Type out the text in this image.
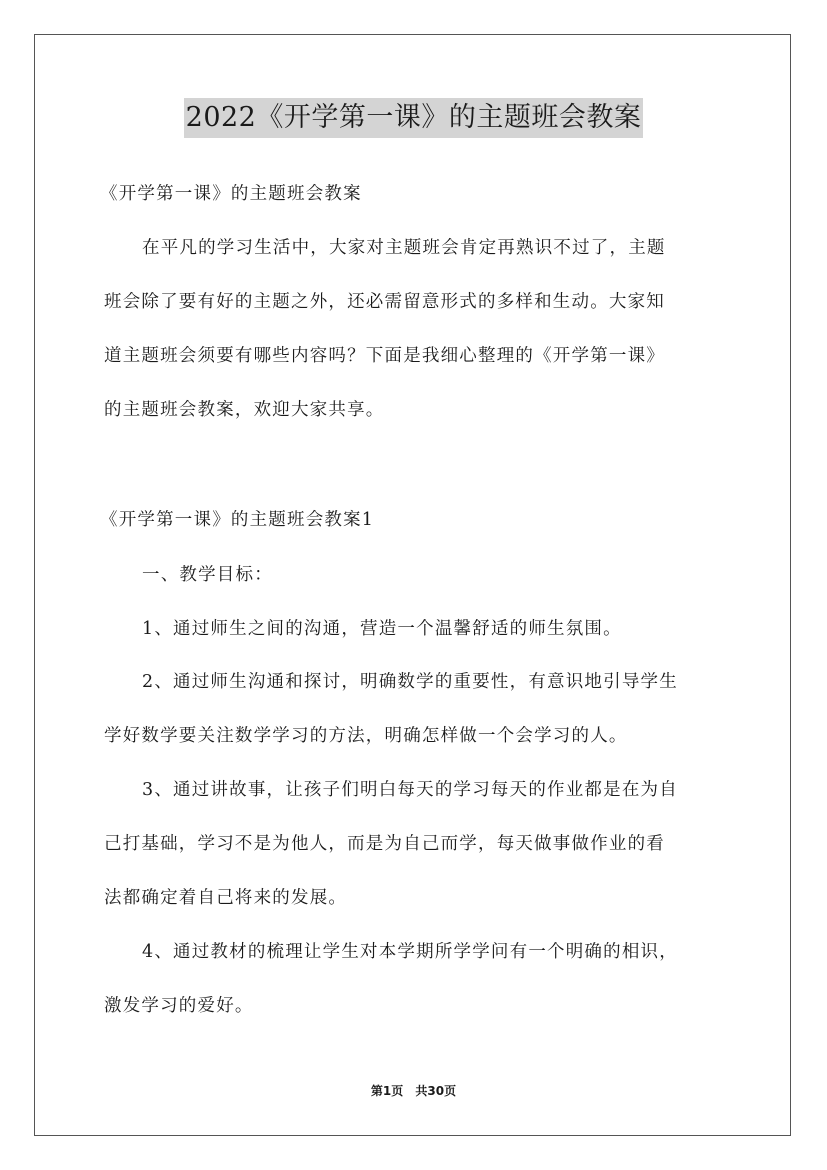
2022《开学第一课》的主题班会教案
《开学第一课》的主题班会教案
在平凡的学习生活中，大家对主题班会肯定再熟识不过了，主题
班会除了要有好的主题之外，还必需留意形式的多样和生动。大家知
道主题班会须要有哪些内容吗？下面是我细心整理的《开学第一课》
的主题班会教案，欢迎大家共享。
《开学第一课》的主题班会教案1
一、教学目标：
1、通过师生之间的沟通，营造一个温馨舒适的师生氛围。
2、通过师生沟通和探讨，明确数学的重要性，有意识地引导学生
学好数学要关注数学学习的方法，明确怎样做一个会学习的人。
3、通过讲故事，让孩子们明白每天的学习每天的作业都是在为自
己打基础，学习不是为他人，而是为自己而学，每天做事做作业的看
法都确定着自己将来的发展。
4、通过教材的梳理让学生对本学期所学学问有一个明确的相识，
激发学习的爱好。
第1页 共30页
